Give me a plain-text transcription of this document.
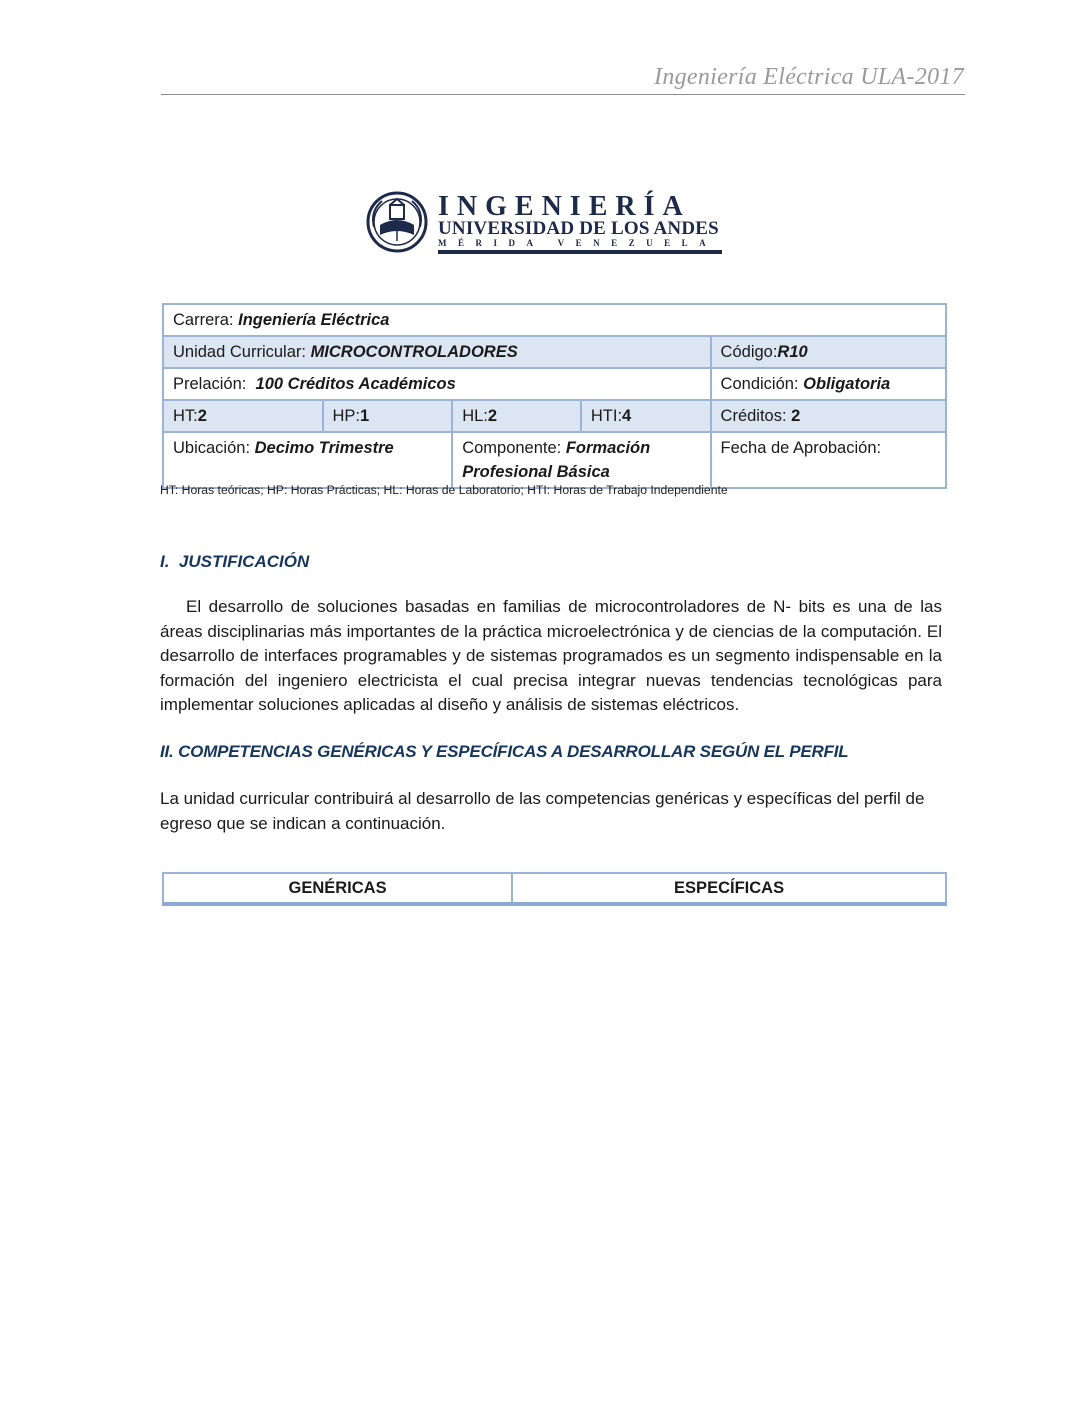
Ingeniería Eléctrica ULA-2017
INGENIERÍA
UNIVERSIDAD DE LOS ANDES
MÉRIDA VENEZUELA
Carrera: Ingeniería Eléctrica				
Unidad Curricular: MICROCONTROLADORES				Código:R10
Prelación:  100 Créditos Académicos				Condición: Obligatoria
HT:2	HP:1	HL:2	HTI:4	Créditos: 2
Ubicación: Decimo Trimestre		Componente: Formación Profesional Básica		Fecha de Aprobación:
HT: Horas teóricas; HP: Horas Prácticas; HL: Horas de Laboratorio; HTI: Horas de Trabajo Independiente
I.  JUSTIFICACIÓN
El desarrollo de soluciones basadas en familias de microcontroladores de N- bits es una de las áreas disciplinarias más importantes de la práctica microelectrónica y de ciencias de la computación. El desarrollo de interfaces programables y de sistemas programados es un segmento indispensable en la formación del ingeniero electricista el cual precisa integrar nuevas tendencias tecnológicas para implementar soluciones aplicadas al diseño y análisis de sistemas eléctricos.
II. COMPETENCIAS GENÉRICAS Y ESPECÍFICAS A DESARROLLAR SEGÚN EL PERFIL
La unidad curricular contribuirá al desarrollo de las competencias genéricas y específicas del perfil de egreso que se indican a continuación.
GENÉRICAS	ESPECÍFICAS
